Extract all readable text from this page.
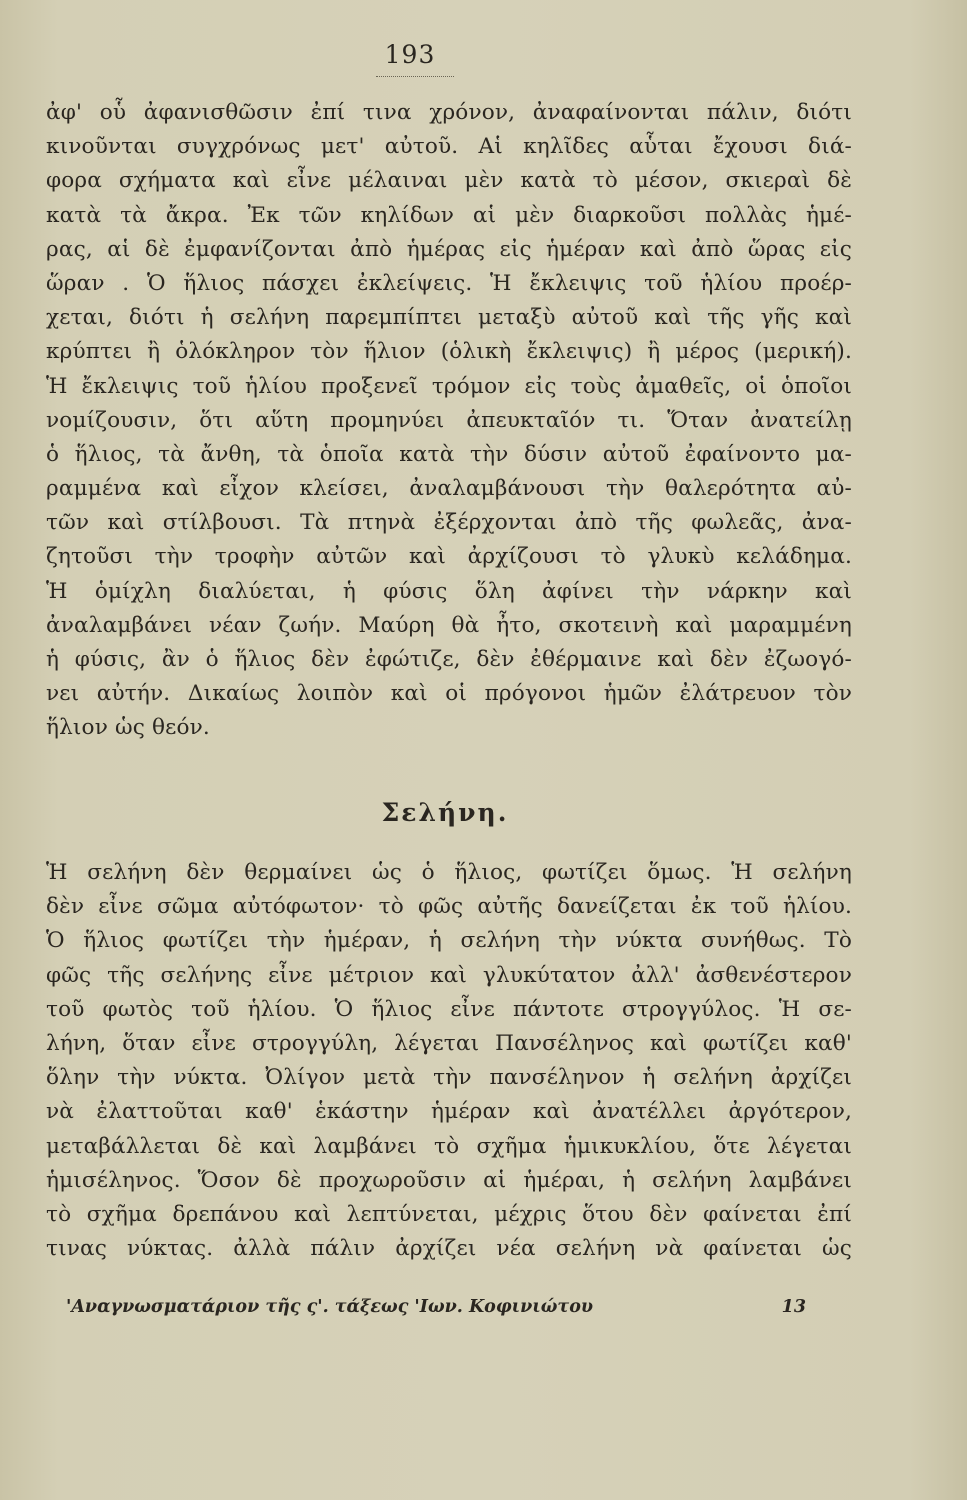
193
ἀφ' οὗ ἀφανισθῶσιν ἐπί τινα χρόνον, ἀναφαίνονται πάλιν, διότι
κινοῦνται συγχρόνως μετ' αὐτοῦ. Αἱ κηλῖδες αὗται ἔχουσι διά-
φορα σχήματα καὶ εἶνε μέλαιναι μὲν κατὰ τὸ μέσον, σκιεραὶ δὲ
κατὰ τὰ ἄκρα. Ἐκ τῶν κηλίδων αἱ μὲν διαρκοῦσι πολλὰς ἡμέ-
ρας, αἱ δὲ ἐμφανίζονται ἀπὸ ἡμέρας εἰς ἡμέραν καὶ ἀπὸ ὥρας εἰς
ὥραν . Ὁ ἥλιος πάσχει ἐκλείψεις. Ἡ ἔκλειψις τοῦ ἡλίου προέρ-
χεται, διότι ἡ σελήνη παρεμπίπτει μεταξὺ αὐτοῦ καὶ τῆς γῆς καὶ
κρύπτει ἢ ὁλόκληρον τὸν ἥλιον (ὁλικὴ ἔκλειψις) ἢ μέρος (μερική).
Ἡ ἔκλειψις τοῦ ἡλίου προξενεῖ τρόμον εἰς τοὺς ἀμαθεῖς, οἱ ὁποῖοι
νομίζουσιν, ὅτι αὕτη προμηνύει ἀπευκταῖόν τι. Ὅταν ἀνατείλῃ
ὁ ἥλιος, τὰ ἄνθη, τὰ ὁποῖα κατὰ τὴν δύσιν αὐτοῦ ἐφαίνοντο μα-
ραμμένα καὶ εἶχον κλείσει, ἀναλαμβάνουσι τὴν θαλερότητα αὐ-
τῶν καὶ στίλβουσι. Τὰ πτηνὰ ἐξέρχονται ἀπὸ τῆς φωλεᾶς, ἀνα-
ζητοῦσι τὴν τροφὴν αὐτῶν καὶ ἀρχίζουσι τὸ γλυκὺ κελάδημα.
Ἡ ὁμίχλη διαλύεται, ἡ φύσις ὅλη ἀφίνει τὴν νάρκην καὶ
ἀναλαμβάνει νέαν ζωήν. Μαύρη θὰ ἦτο, σκοτεινὴ καὶ μαραμμένη
ἡ φύσις, ἂν ὁ ἥλιος δὲν ἐφώτιζε, δὲν ἐθέρμαινε καὶ δὲν ἐζωογό-
νει αὐτήν. Δικαίως λοιπὸν καὶ οἱ πρόγονοι ἡμῶν ἐλάτρευον τὸν
ἥλιον ὡς θεόν.
Σελήνη.
Ἡ σελήνη δὲν θερμαίνει ὡς ὁ ἥλιος, φωτίζει ὅμως. Ἡ σελήνη
δὲν εἶνε σῶμα αὐτόφωτον· τὸ φῶς αὐτῆς δανείζεται ἐκ τοῦ ἡλίου.
Ὁ ἥλιος φωτίζει τὴν ἡμέραν, ἡ σελήνη τὴν νύκτα συνήθως. Τὸ
φῶς τῆς σελήνης εἶνε μέτριον καὶ γλυκύτατον ἀλλ' ἀσθενέστερον
τοῦ φωτὸς τοῦ ἡλίου. Ὁ ἥλιος εἶνε πάντοτε στρογγύλος. Ἡ σε-
λήνη, ὅταν εἶνε στρογγύλη, λέγεται Πανσέληνος καὶ φωτίζει καθ'
ὅλην τὴν νύκτα. Ὀλίγον μετὰ τὴν πανσέληνον ἡ σελήνη ἀρχίζει
νὰ ἐλαττοῦται καθ' ἑκάστην ἡμέραν καὶ ἀνατέλλει ἀργότερον,
μεταβάλλεται δὲ καὶ λαμβάνει τὸ σχῆμα ἡμικυκλίου, ὅτε λέγεται
ἡμισέληνος. Ὅσον δὲ προχωροῦσιν αἱ ἡμέραι, ἡ σελήνη λαμβάνει
τὸ σχῆμα δρεπάνου καὶ λεπτύνεται, μέχρις ὅτου δὲν φαίνεται ἐπί
τινας νύκτας. ἀλλὰ πάλιν ἀρχίζει νέα σελήνη νὰ φαίνεται ὡς
'Αναγνωσματάριον τῆς ς'. τάξεως 'Ιων. Κοφινιώτου	13
